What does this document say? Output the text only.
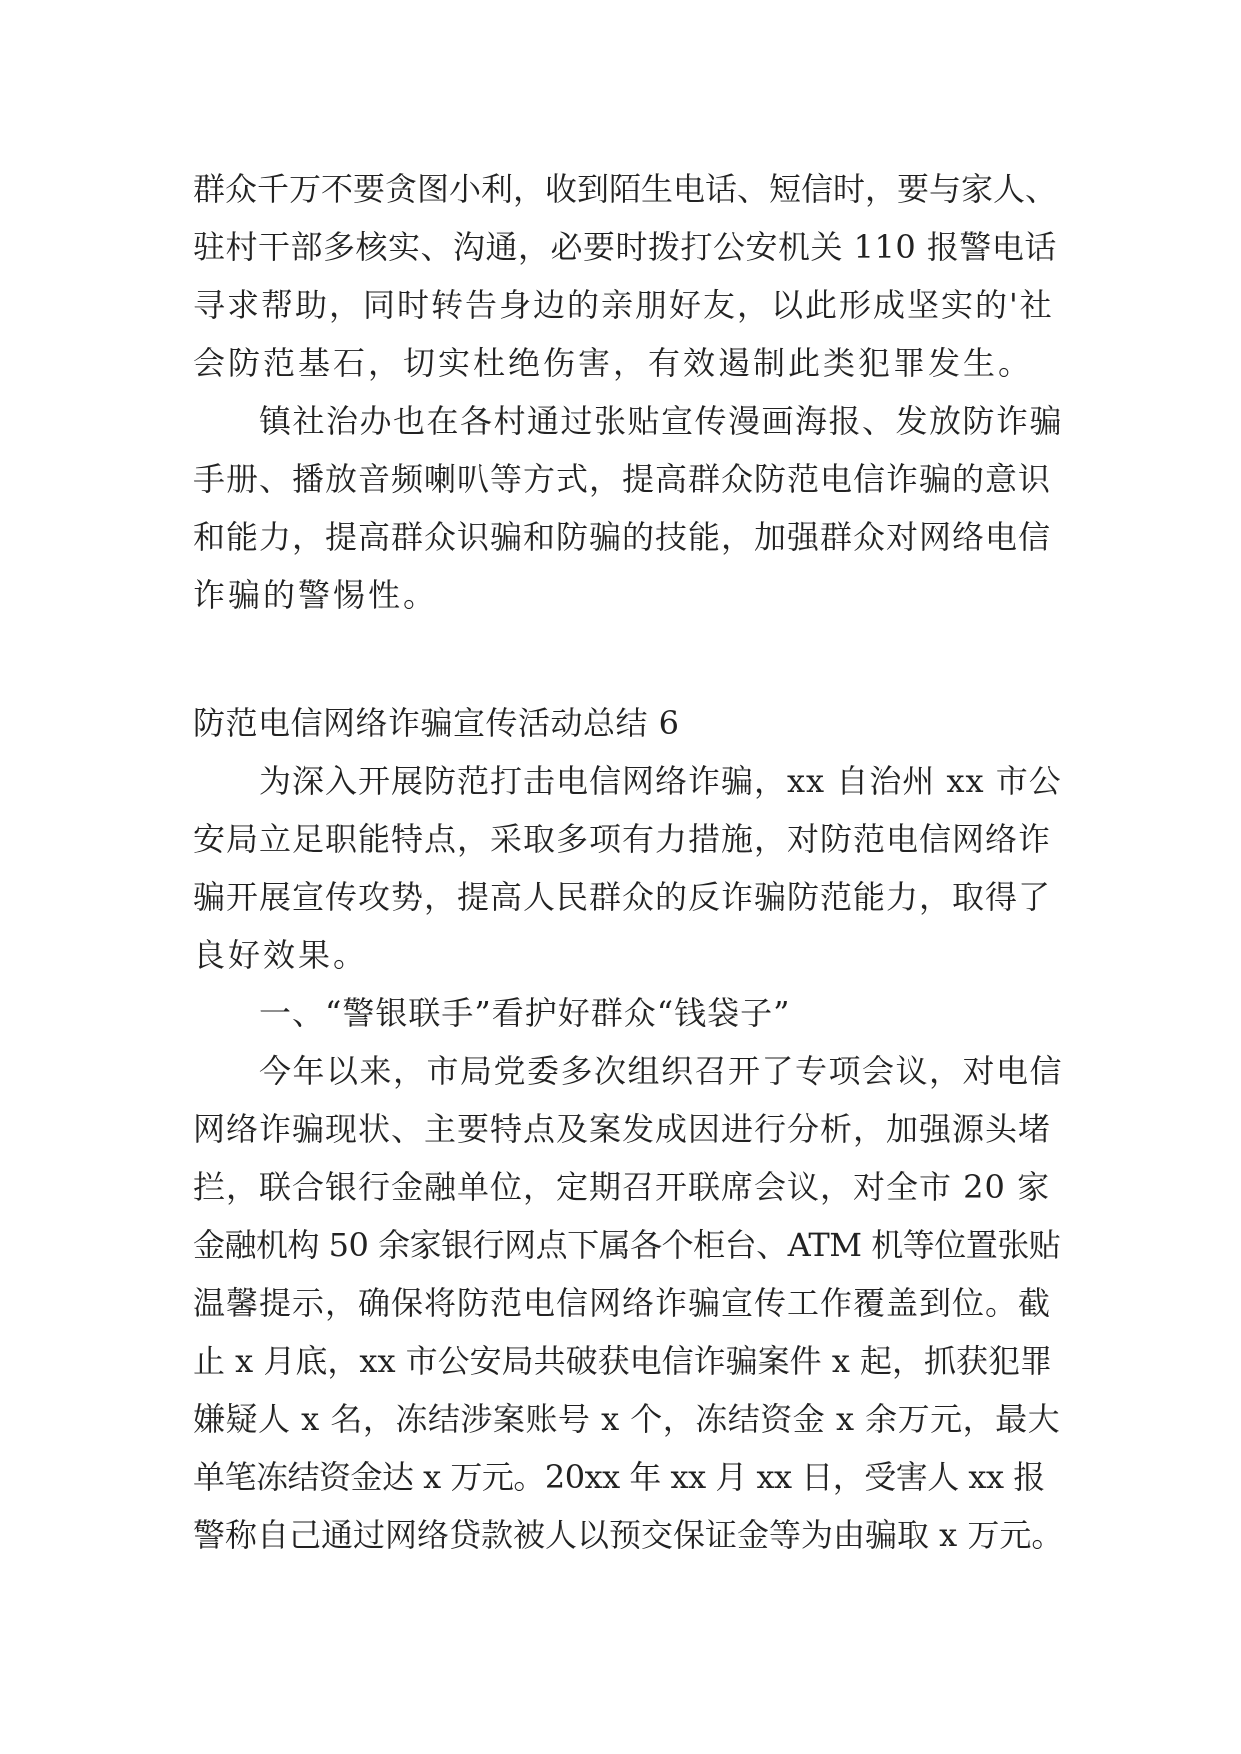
群众千万不要贪图小利，收到陌生电话、短信时，要与家人、
驻村干部多核实、沟通，必要时拨打公安机关 110 报警电话
寻求帮助，同时转告身边的亲朋好友，以此形成坚实的'社
会防范基石，切实杜绝伤害，有效遏制此类犯罪发生。
镇社治办也在各村通过张贴宣传漫画海报、发放防诈骗
手册、播放音频喇叭等方式，提高群众防范电信诈骗的意识
和能力，提高群众识骗和防骗的技能，加强群众对网络电信
诈骗的警惕性。
防范电信网络诈骗宣传活动总结 6
为深入开展防范打击电信网络诈骗，xx 自治州 xx 市公
安局立足职能特点，采取多项有力措施，对防范电信网络诈
骗开展宣传攻势，提高人民群众的反诈骗防范能力，取得了
良好效果。
一、“警银联手”看护好群众“钱袋子”
今年以来，市局党委多次组织召开了专项会议，对电信
网络诈骗现状、主要特点及案发成因进行分析，加强源头堵
拦，联合银行金融单位，定期召开联席会议，对全市 20 家
金融机构 50 余家银行网点下属各个柜台、ATM 机等位置张贴
温馨提示，确保将防范电信网络诈骗宣传工作覆盖到位。截
止 x 月底，xx 市公安局共破获电信诈骗案件 x 起，抓获犯罪
嫌疑人 x 名，冻结涉案账号 x 个，冻结资金 x 余万元，最大
单笔冻结资金达 x 万元。20xx 年 xx 月 xx 日，受害人 xx 报
警称自己通过网络贷款被人以预交保证金等为由骗取 x 万元。
